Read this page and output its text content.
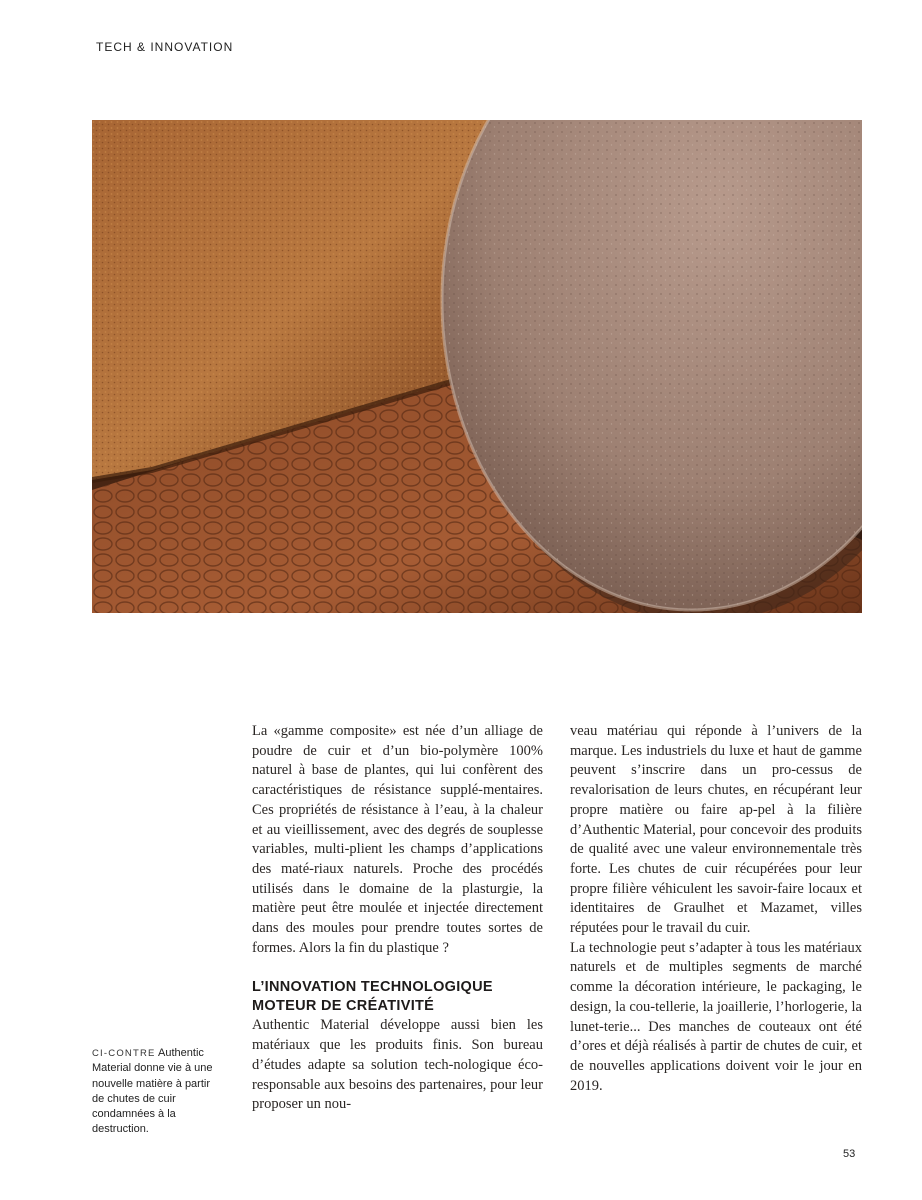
TECH & INNOVATION

La «gamme composite» est née d’un alliage de poudre de cuir et d’un bio-polymère 100% naturel à base de plantes, qui lui confèrent des caractéristiques de résistance supplé-mentaires. Ces propriétés de résistance à l’eau, à la chaleur et au vieillissement, avec des degrés de souplesse variables, multi-plient les champs d’applications des maté-riaux naturels. Proche des procédés utilisés dans le domaine de la plasturgie, la matière peut être moulée et injectée directement dans des moules pour prendre toutes sortes de formes. Alors la fin du plastique ?

L’INNOVATION TECHNOLOGIQUE MOTEUR DE CRÉATIVITÉ

Authentic Material développe aussi bien les matériaux que les produits finis. Son bureau d’études adapte sa solution tech-nologique éco-responsable aux besoins des partenaires, pour leur proposer un nou-

veau matériau qui réponde à l’univers de la marque. Les industriels du luxe et haut de gamme peuvent s’inscrire dans un pro-cessus de revalorisation de leurs chutes, en récupérant leur propre matière ou faire ap-pel à la filière d’Authentic Material, pour concevoir des produits de qualité avec une valeur environnementale très forte. Les chutes de cuir récupérées pour leur propre filière véhiculent les savoir-faire locaux et identitaires de Graulhet et Mazamet, villes réputées pour le travail du cuir.

La technologie peut s’adapter à tous les matériaux naturels et de multiples segments de marché comme la décoration intérieure, le packaging, le design, la cou-tellerie, la joaillerie, l’horlogerie, la lunet-terie... Des manches de couteaux ont été d’ores et déjà réalisés à partir de chutes de cuir, et de nouvelles applications doivent voir le jour en 2019.

CI-CONTRE Authentic Material donne vie à une nouvelle matière à partir de chutes de cuir condamnées à la destruction.
53
